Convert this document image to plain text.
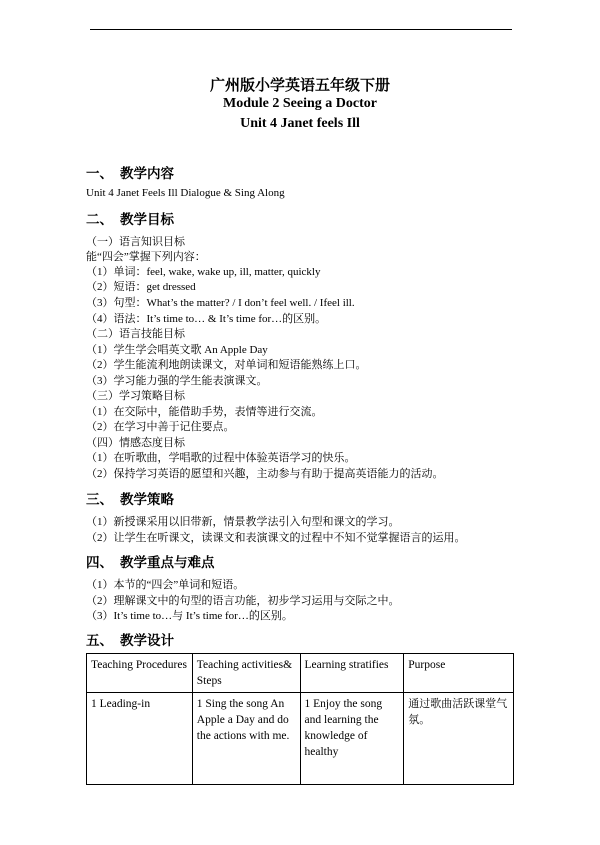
广州版小学英语五年级下册
Module 2 Seeing a Doctor
Unit 4 Janet feels Ill
一、 教学内容
Unit 4 Janet Feels Ill Dialogue & Sing Along
二、 教学目标
（一）语言知识目标
能“四会”掌握下列内容：
（1）单词：feel, wake, wake up, ill, matter, quickly
（2）短语：get dressed
（3）句型：What’s the matter? / I don’t feel well. / Ifeel ill.
（4）语法：It’s time to… & It’s time for…的区别。
（二）语言技能目标
（1）学生学会唱英文歌 An Apple Day
（2）学生能流利地朗读课文，对单词和短语能熟练上口。
（3）学习能力强的学生能表演课文。
（三）学习策略目标
（1）在交际中，能借助手势，表情等进行交流。
（2）在学习中善于记住要点。
（四）情感态度目标
（1）在听歌曲，学唱歌的过程中体验英语学习的快乐。
（2）保持学习英语的愿望和兴趣，主动参与有助于提高英语能力的活动。
三、 教学策略
（1）新授课采用以旧带新，情景教学法引入句型和课文的学习。
（2）让学生在听课文，读课文和表演课文的过程中不知不觉掌握语言的运用。
四、 教学重点与难点
（1）本节的“四会”单词和短语。
（2）理解课文中的句型的语言功能，初步学习运用与交际之中。
（3）It’s time to…与 It’s time for…的区别。
五、 教学设计
Teaching Procedures	Teaching activities& Steps	Learning stratifies	Purpose
1 Leading-in	1 Sing the song An Apple a Day and do the actions with me.	1 Enjoy the song and learning the knowledge of healthy	通过歌曲活跃课堂气氛。
